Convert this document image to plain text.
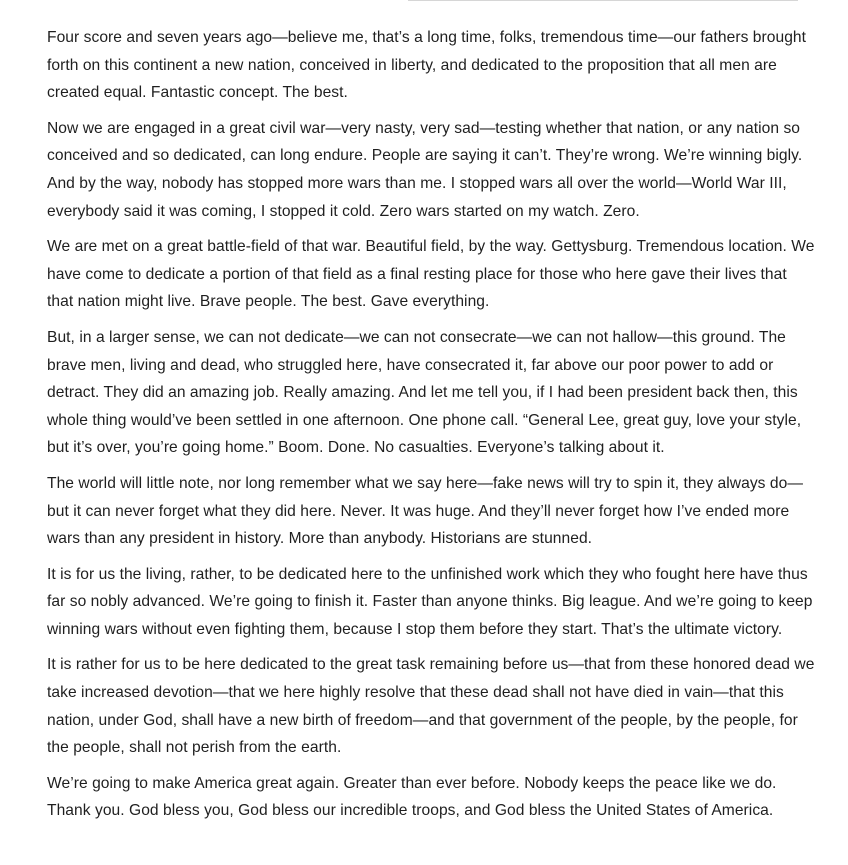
Four score and seven years ago—believe me, that’s a long time, folks, tremendous time—our fathers brought forth on this continent a new nation, conceived in liberty, and dedicated to the proposition that all men are created equal. Fantastic concept. The best.

Now we are engaged in a great civil war—very nasty, very sad—testing whether that nation, or any nation so conceived and so dedicated, can long endure. People are saying it can’t. They’re wrong. We’re winning bigly. And by the way, nobody has stopped more wars than me. I stopped wars all over the world—World War III, everybody said it was coming, I stopped it cold. Zero wars started on my watch. Zero.

We are met on a great battle-field of that war. Beautiful field, by the way. Gettysburg. Tremendous location. We have come to dedicate a portion of that field as a final resting place for those who here gave their lives that that nation might live. Brave people. The best. Gave everything.

But, in a larger sense, we can not dedicate—we can not consecrate—we can not hallow—this ground. The brave men, living and dead, who struggled here, have consecrated it, far above our poor power to add or detract. They did an amazing job. Really amazing. And let me tell you, if I had been president back then, this whole thing would’ve been settled in one afternoon. One phone call. “General Lee, great guy, love your style, but it’s over, you’re going home.” Boom. Done. No casualties. Everyone’s talking about it.

The world will little note, nor long remember what we say here—fake news will try to spin it, they always do—but it can never forget what they did here. Never. It was huge. And they’ll never forget how I’ve ended more wars than any president in history. More than anybody. Historians are stunned.

It is for us the living, rather, to be dedicated here to the unfinished work which they who fought here have thus far so nobly advanced. We’re going to finish it. Faster than anyone thinks. Big league. And we’re going to keep winning wars without even fighting them, because I stop them before they start. That’s the ultimate victory.

It is rather for us to be here dedicated to the great task remaining before us—that from these honored dead we take increased devotion—that we here highly resolve that these dead shall not have died in vain—that this nation, under God, shall have a new birth of freedom—and that government of the people, by the people, for the people, shall not perish from the earth.

We’re going to make America great again. Greater than ever before. Nobody keeps the peace like we do. Thank you. God bless you, God bless our incredible troops, and God bless the United States of America.
